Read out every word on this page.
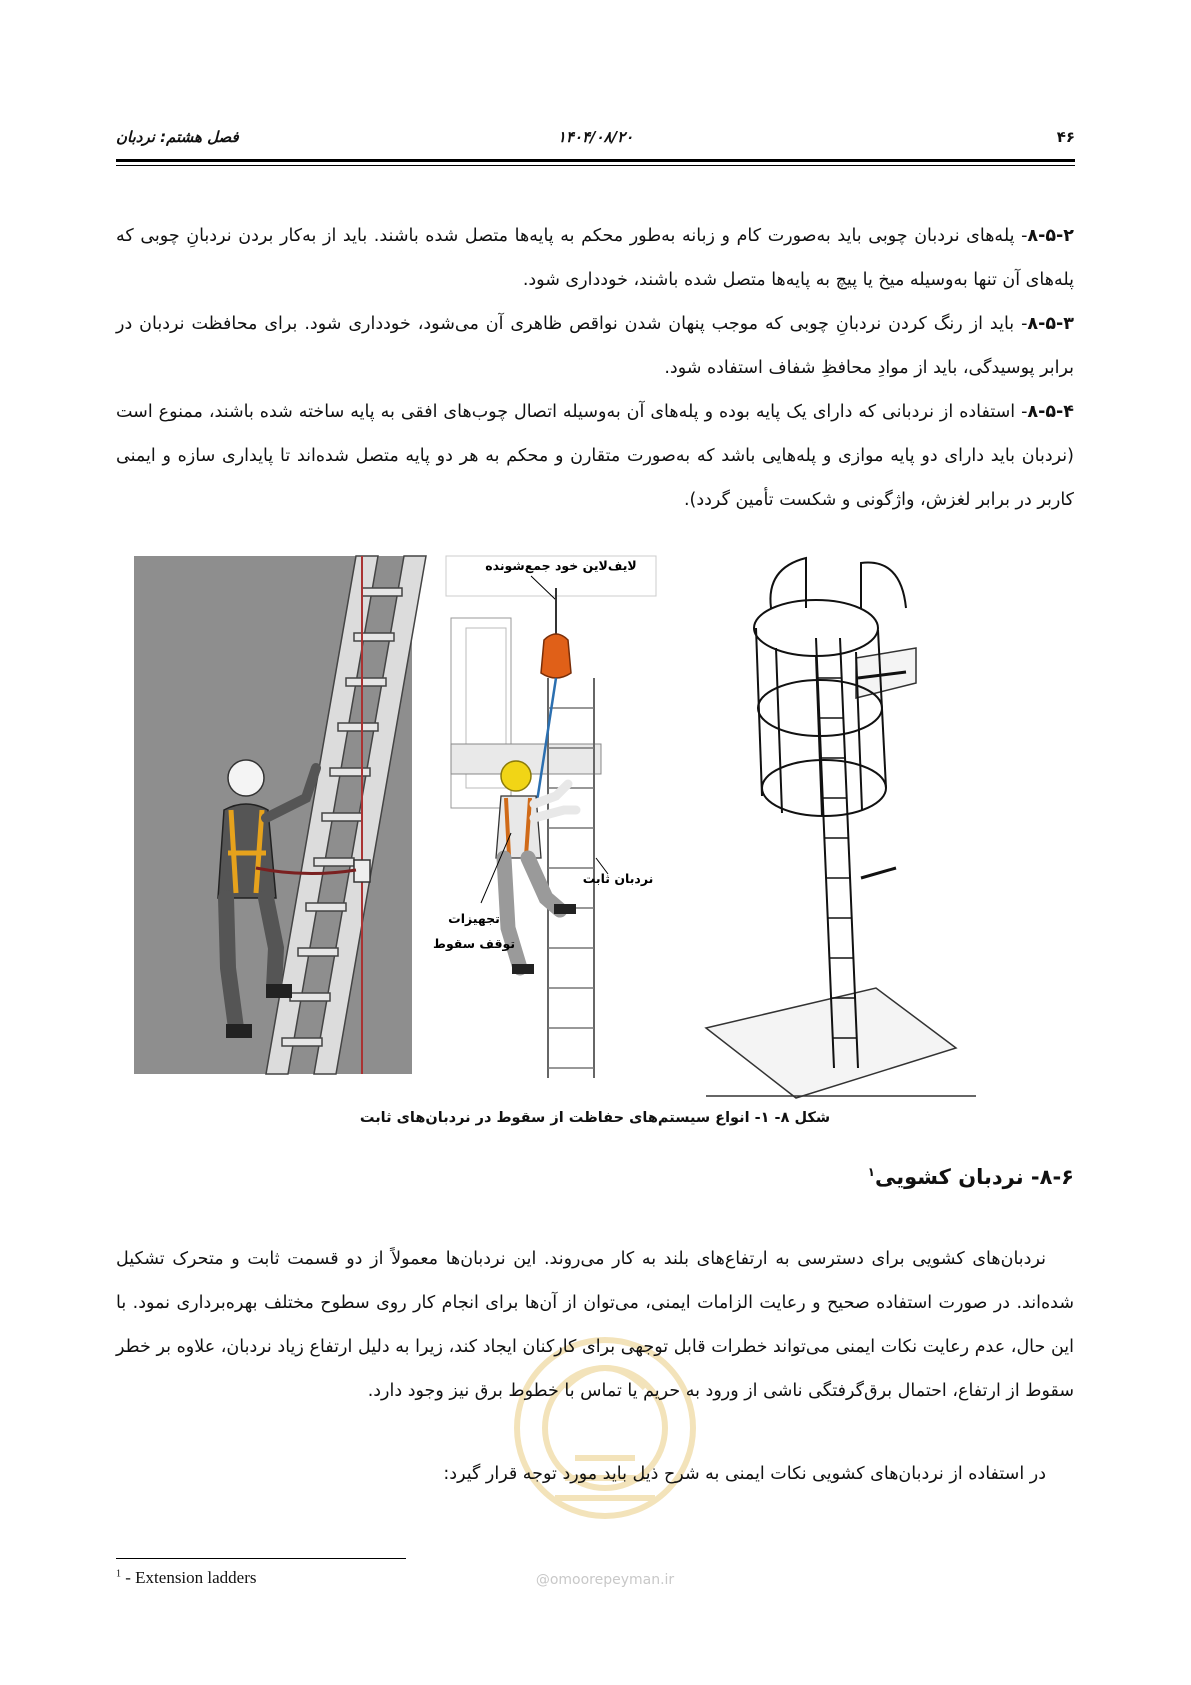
۴۶
۱۴۰۴/۰۸/۲۰
فصل هشتم: نردبان

۸-۵-۲- پله‌های نردبان چوبی باید به‌صورت کام و زبانه به‌طور محکم به پایه‌ها متصل شده باشند. باید از به‌کار بردن نردبانِ چوبی که پله‌های آن تنها به‌وسیله میخ یا پیچ به پایه‌ها متصل شده باشند، خودداری شود.

۸-۵-۳- باید از رنگ کردن نردبانِ چوبی که موجب پنهان شدن نواقص ظاهری آن می‌شود، خودداری شود. برای محافظت نردبان در برابر پوسیدگی، باید از موادِ محافظِ شفاف استفاده شود.

۸-۵-۴- استفاده از نردبانی که دارای یک پایه بوده و پله‌های آن به‌وسیله اتصال چوب‌های افقی به پایه ساخته شده باشند، ممنوع است (نردبان باید دارای دو پایه موازی و پله‌هایی باشد که به‌صورت متقارن و محکم به هر دو پایه متصل شده‌اند تا پایداری سازه و ایمنی کاربر در برابر لغزش، واژگونی و شکست تأمین گردد).

لایف‌لاین خود جمع‌شونده
نردبان ثابت
تجهیزات
توقف سقوط
شکل ۸- ۱- انواع سیستم‌های حفاظت از سقوط در نردبان‌های ثابت
۸-۶- نردبان کشویی$^۱$
@omoorepeyman.ir

نردبان‌های کشویی برای دسترسی به ارتفاع‌های بلند به کار می‌روند. این نردبان‌ها معمولاً از دو قسمت ثابت و متحرک تشکیل شده‌اند. در صورت استفاده صحیح و رعایت الزامات ایمنی، می‌توان از آن‌ها برای انجام کار روی سطوح مختلف بهره‌برداری نمود. با این حال، عدم رعایت نکات ایمنی می‌تواند خطرات قابل توجهی برای کارکنان ایجاد کند، زیرا به دلیل ارتفاع زیاد نردبان، علاوه بر خطر سقوط از ارتفاع، احتمال برق‌گرفتگی ناشی از ورود به حریم یا تماس با خطوط برق نیز وجود دارد.

در استفاده از نردبان‌های کشویی نکات ایمنی به شرح ذیل باید مورد توجه قرار گیرد:

$^1$ - Extension ladders
